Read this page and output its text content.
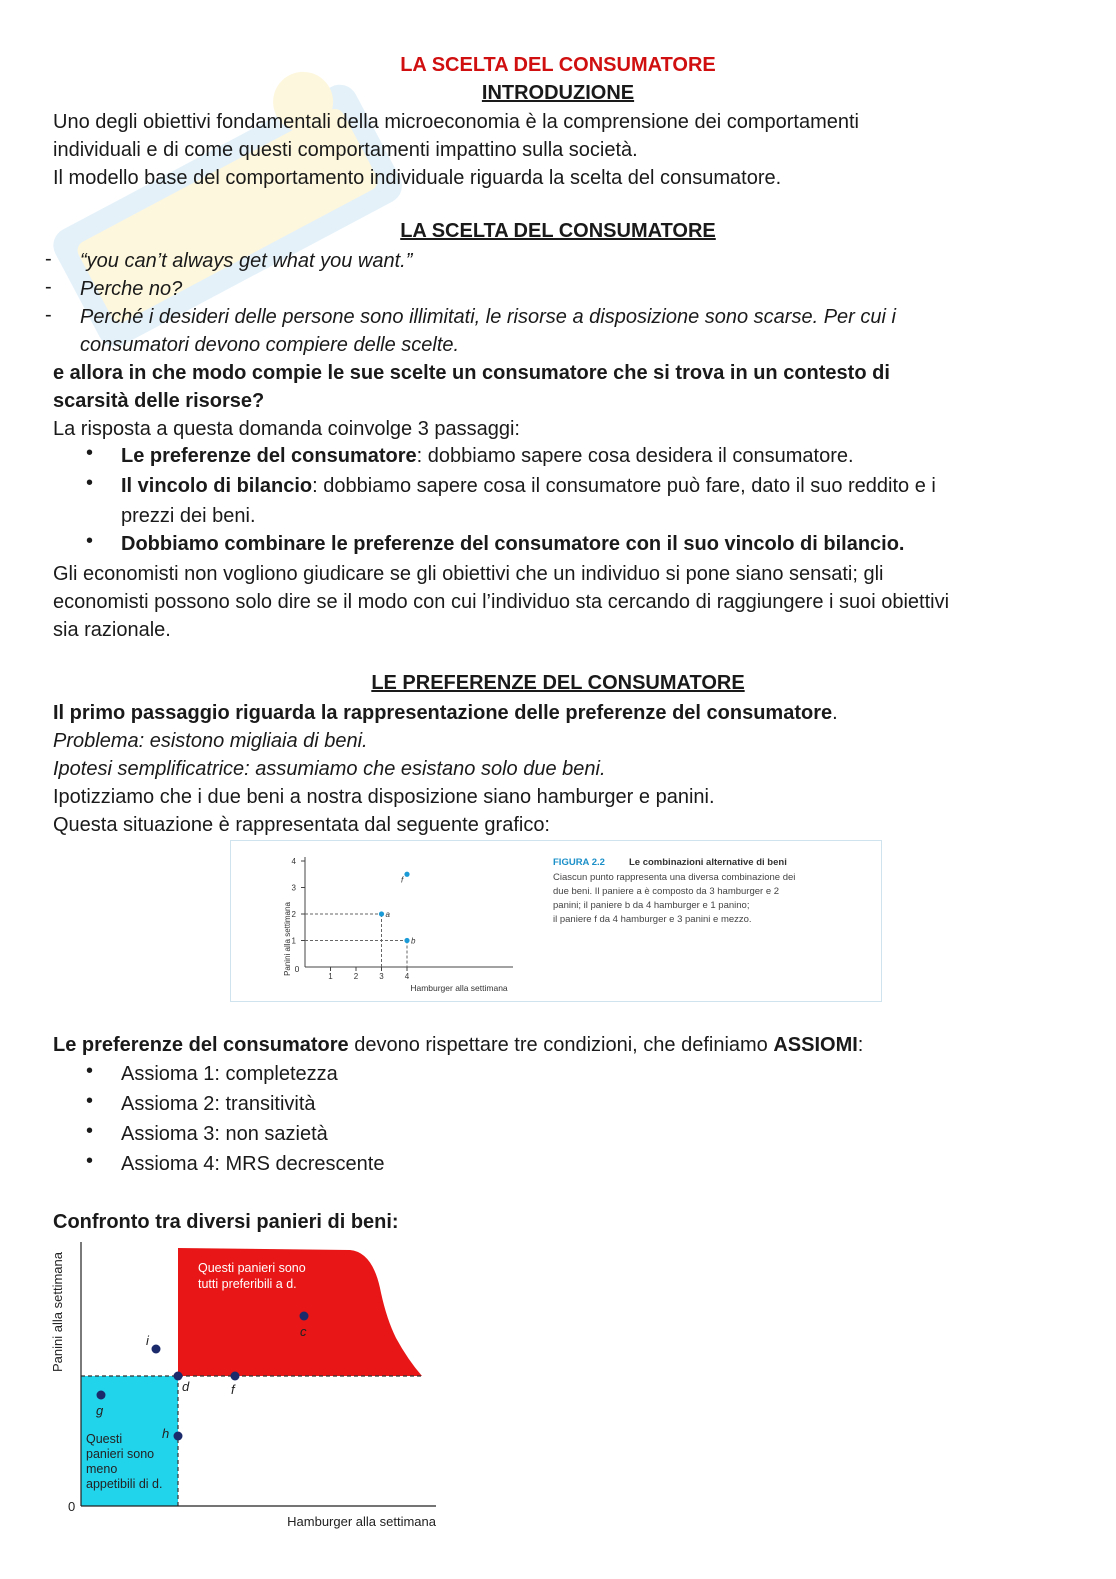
LA SCELTA DEL CONSUMATORE
INTRODUZIONE
Uno degli obiettivi fondamentali della microeconomia è la comprensione dei comportamenti
individuali e di come questi comportamenti impattino sulla società.
Il modello base del comportamento individuale riguarda la scelta del consumatore.
LA SCELTA DEL CONSUMATORE
- “you can’t always get what you want.”
- Perche no?
- Perché i desideri delle persone sono illimitati, le risorse a disposizione sono scarse. Per cui i
consumatori devono compiere delle scelte.
e allora in che modo compie le sue scelte un consumatore che si trova in un contesto di
scarsità delle risorse?
La risposta a questa domanda coinvolge 3 passaggi:
• Le preferenze del consumatore: dobbiamo sapere cosa desidera il consumatore.
• Il vincolo di bilancio: dobbiamo sapere cosa il consumatore può fare, dato il suo reddito e i
prezzi dei beni.
• Dobbiamo combinare le preferenze del consumatore con il suo vincolo di bilancio.
Gli economisti non vogliono giudicare se gli obiettivi che un individuo si pone siano sensati; gli
economisti possono solo dire se il modo con cui l’individuo sta cercando di raggiungere i suoi obiettivi
sia razionale.
LE PREFERENZE DEL CONSUMATORE
Il primo passaggio riguarda la rappresentazione delle preferenze del consumatore.
Problema: esistono migliaia di beni.
Ipotesi semplificatrice: assumiamo che esistano solo due beni.
Ipotizziamo che i due beni a nostra disposizione siano hamburger e panini.
Questa situazione è rappresentata dal seguente grafico:
Panini alla settimana
Hamburger alla settimana
0
1	2	3	4
1
2
3
4
a
b
f
FIGURA 2.2	Le combinazioni alternative di beni
Ciascun punto rappresenta una diversa combinazione dei
due beni. Il paniere a è composto da 3 hamburger e 2
panini; il paniere b da 4 hamburger e 1 panino;
il paniere f da 4 hamburger e 3 panini e mezzo.
Le preferenze del consumatore devono rispettare tre condizioni, che definiamo ASSIOMI:
• Assioma 1: completezza
• Assioma 2: transitività
• Assioma 3: non sazietà
• Assioma 4: MRS decrescente
Confronto tra diversi panieri di beni:
Panini alla settimana
Hamburger alla settimana
0
Questi panieri sono
tutti preferibili a d.
Questi
panieri sono
meno
appetibili di d.
i
c
d	f
g
h
